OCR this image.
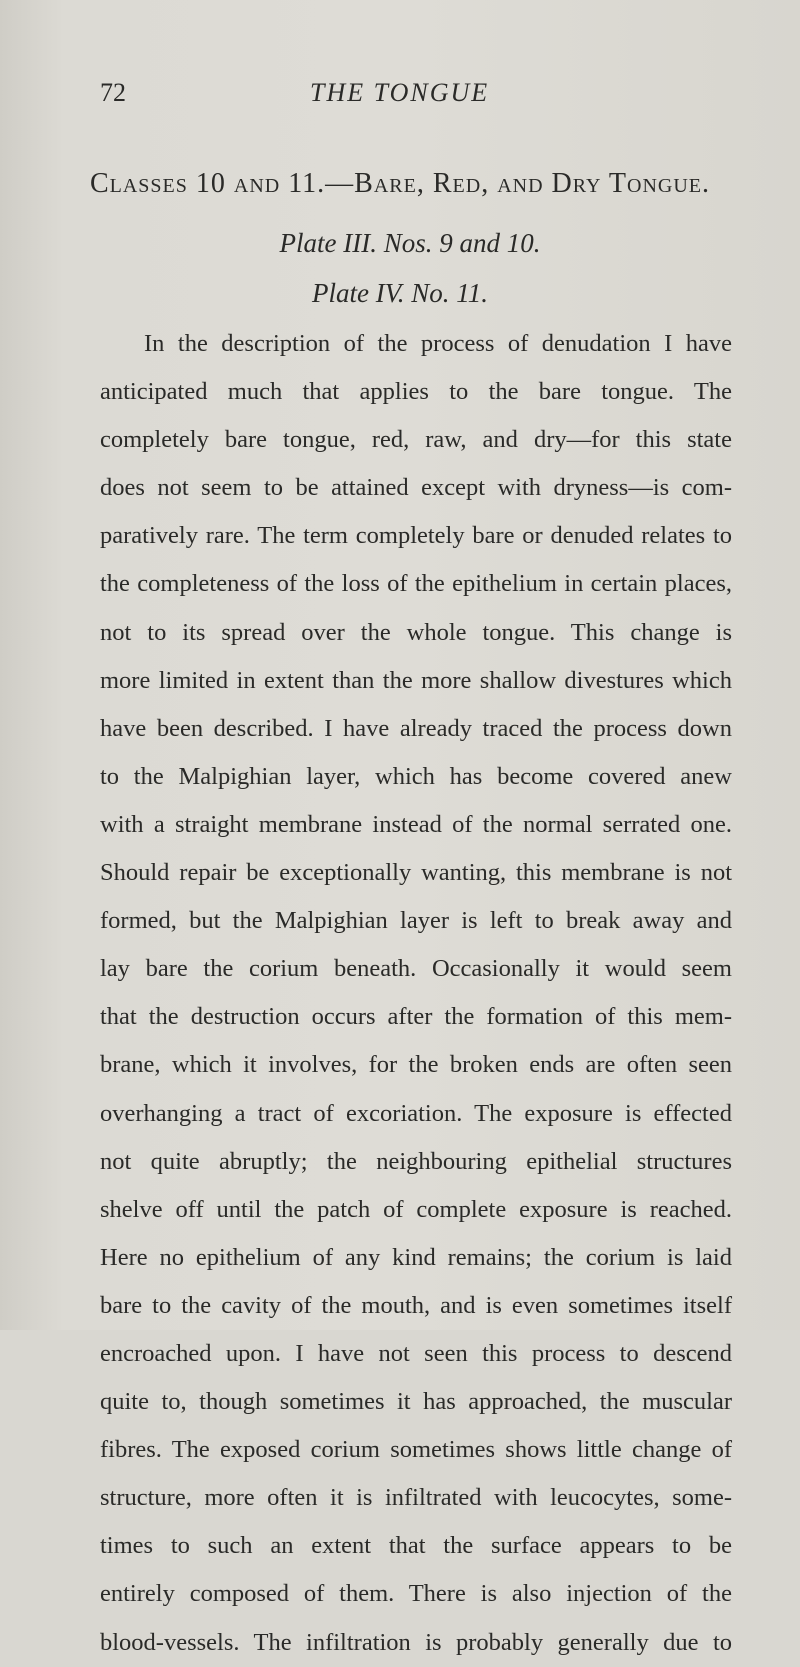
72	THE TONGUE
Classes 10 and 11.—Bare, Red, and Dry Tongue.
Plate III. Nos. 9 and 10.
Plate IV. No. 11.
In the description of the process of denudation I have
anticipated much that applies to the bare tongue. The
completely bare tongue, red, raw, and dry—for this state
does not seem to be attained except with dryness—is com-
paratively rare. The term completely bare or denuded relates to
the completeness of the loss of the epithelium in certain places,
not to its spread over the whole tongue. This change is
more limited in extent than the more shallow divestures which
have been described. I have already traced the process down
to the Malpighian layer, which has become covered anew
with a straight membrane instead of the normal serrated one.
Should repair be exceptionally wanting, this membrane is not
formed, but the Malpighian layer is left to break away and
lay bare the corium beneath. Occasionally it would seem
that the destruction occurs after the formation of this mem-
brane, which it involves, for the broken ends are often seen
overhanging a tract of excoriation. The exposure is effected
not quite abruptly; the neighbouring epithelial structures
shelve off until the patch of complete exposure is reached.
Here no epithelium of any kind remains; the corium is laid
bare to the cavity of the mouth, and is even sometimes itself
encroached upon. I have not seen this process to descend
quite to, though sometimes it has approached, the muscular
fibres. The exposed corium sometimes shows little change of
structure, more often it is infiltrated with leucocytes, some-
times to such an extent that the surface appears to be
entirely composed of them. There is also injection of the
blood-vessels. The infiltration is probably generally due to
